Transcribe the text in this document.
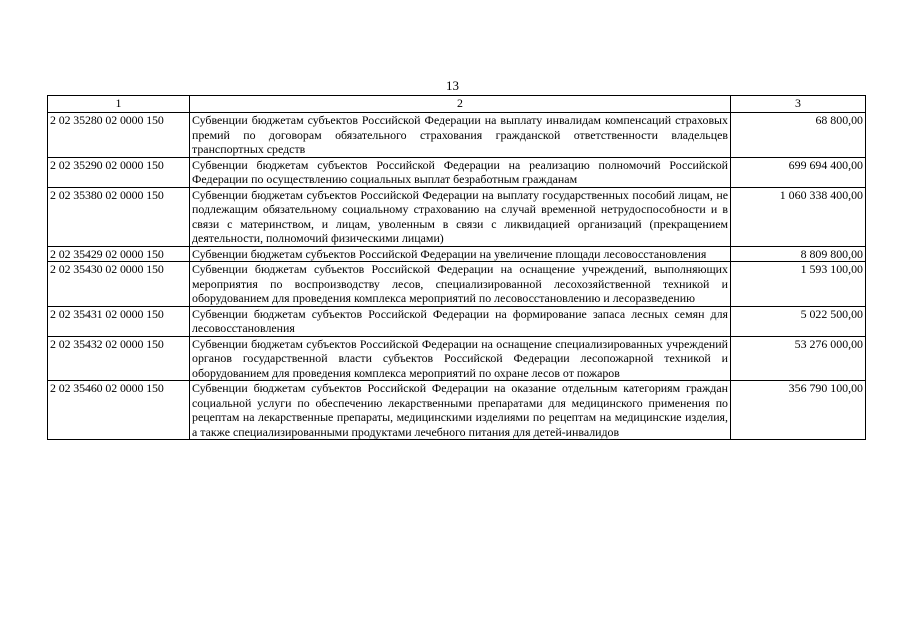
13
1	2	3
2 02 35280 02 0000 150	Субвенции бюджетам субъектов Российской Федерации на выплату инвалидам компенсаций страховых премий по договорам обязательного страхования гражданской ответственности владельцев транспортных средств	68 800,00
2 02 35290 02 0000 150	Субвенции бюджетам субъектов Российской Федерации на реализацию полномочий Российской Федерации по осуществлению социальных выплат безработным гражданам	699 694 400,00
2 02 35380 02 0000 150	Субвенции бюджетам субъектов Российской Федерации на выплату государственных пособий лицам, не подлежащим обязательному социальному страхованию на случай временной нетрудоспособности и в связи с материнством, и лицам, уволенным в связи с ликвидацией организаций (прекращением деятельности, полномочий физическими лицами)	1 060 338 400,00
2 02 35429 02 0000 150	Субвенции бюджетам субъектов Российской Федерации на увеличение площади лесовосстановления	8 809 800,00
2 02 35430 02 0000 150	Субвенции бюджетам субъектов Российской Федерации на оснащение учреждений, выполняющих мероприятия по воспроизводству лесов, специализированной лесохозяйственной техникой и оборудованием для проведения комплекса мероприятий по лесовосстановлению и лесоразведению	1 593 100,00
2 02 35431 02 0000 150	Субвенции бюджетам субъектов Российской Федерации на формирование запаса лесных семян для лесовосстановления	5 022 500,00
2 02 35432 02 0000 150	Субвенции бюджетам субъектов Российской Федерации на оснащение специализированных учреждений органов государственной власти субъектов Российской Федерации лесопожарной техникой и оборудованием для проведения комплекса мероприятий по охране лесов от пожаров	53 276 000,00
2 02 35460 02 0000 150	Субвенции бюджетам субъектов Российской Федерации на оказание отдельным категориям граждан социальной услуги по обеспечению лекарственными препаратами для медицинского применения по рецептам на лекарственные препараты, медицинскими изделиями по рецептам на медицинские изделия, а также специализированными продуктами лечебного питания для детей-инвалидов	356 790 100,00
